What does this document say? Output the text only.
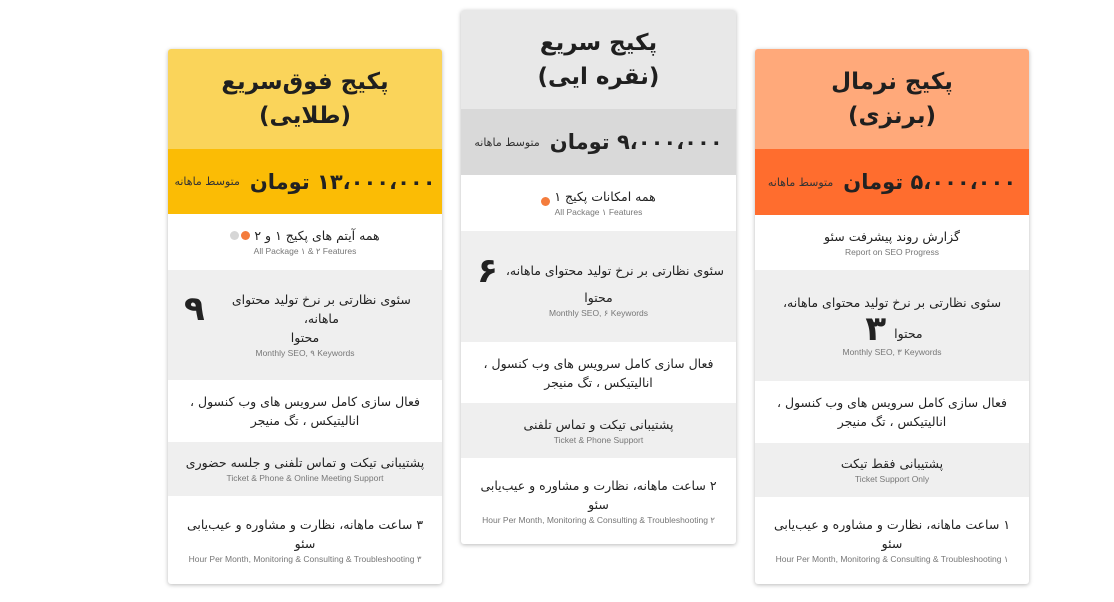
پکیج فوق‌سریع
(طلایی)
۱۳،۰۰۰،۰۰۰ تومان
متوسط ماهانه
همه آیتم های پکیج ۱ و ۲
All Package ۱ & ۲ Features
سئوی نظارتی بر نرخ تولید محتوای ماهانه،
۹
محتوا
Monthly SEO, ۹ Keywords
فعال سازی کامل سرویس های وب کنسول ، انالیتیکس ، تگ منیجر
پشتیبانی تیکت و تماس تلفنی و جلسه حضوری
Ticket & Phone & Online Meeting Support
۳ ساعت ماهانه، نظارت و مشاوره و عیب‌یابی سئو
۳ Hour Per Month, Monitoring & Consulting & Troubleshooting
پکیج سریع
(نقره ایی)
۹،۰۰۰،۰۰۰ تومان
متوسط ماهانه
همه امکانات پکیج ۱
All Package ۱ Features
سئوی نظارتی بر نرخ تولید محتوای ماهانه،
۶
محتوا
Monthly SEO, ۶ Keywords
فعال سازی کامل سرویس های وب کنسول ، انالیتیکس ، تگ منیجر
پشتیبانی تیکت و تماس تلفنی
Ticket & Phone Support
۲ ساعت ماهانه، نظارت و مشاوره و عیب‌یابی سئو
۲ Hour Per Month, Monitoring & Consulting & Troubleshooting
پکیج نرمال
(برنزی)
۵،۰۰۰،۰۰۰ تومان
متوسط ماهانه
گزارش روند پیشرفت سئو
Report on SEO Progress
سئوی نظارتی بر نرخ تولید محتوای ماهانه،
محتوا
۳
Monthly SEO, ۳ Keywords
فعال سازی کامل سرویس های وب کنسول ، انالیتیکس ، تگ منیجر
پشتیبانی فقط تیکت
Ticket Support Only
۱ ساعت ماهانه، نظارت و مشاوره و عیب‌یابی سئو
۱ Hour Per Month, Monitoring & Consulting & Troubleshooting
